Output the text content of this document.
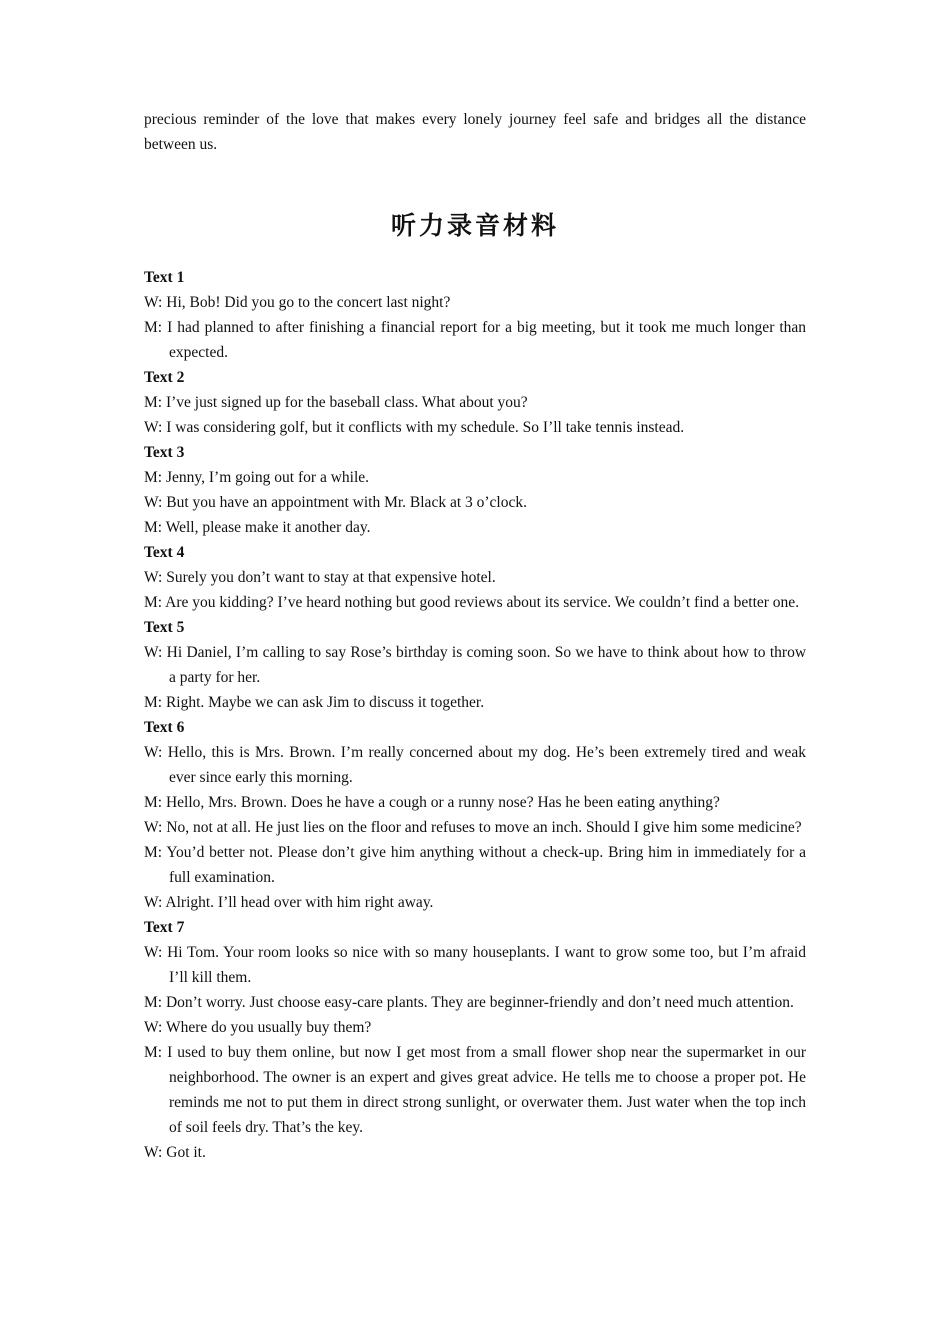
precious reminder of the love that makes every lonely journey feel safe and bridges all the distance between us.

听力录音材料

Text 1

W: Hi, Bob! Did you go to the concert last night?

M: I had planned to after finishing a financial report for a big meeting, but it took me much longer than expected.

Text 2

M: I’ve just signed up for the baseball class. What about you?

W: I was considering golf, but it conflicts with my schedule. So I’ll take tennis instead.

Text 3

M: Jenny, I’m going out for a while.

W: But you have an appointment with Mr. Black at 3 o’clock.

M: Well, please make it another day.

Text 4

W: Surely you don’t want to stay at that expensive hotel.

M: Are you kidding? I’ve heard nothing but good reviews about its service. We couldn’t find a better one.

Text 5

W: Hi Daniel, I’m calling to say Rose’s birthday is coming soon. So we have to think about how to throw a party for her.

M: Right. Maybe we can ask Jim to discuss it together.

Text 6

W: Hello, this is Mrs. Brown. I’m really concerned about my dog. He’s been extremely tired and weak ever since early this morning.

M: Hello, Mrs. Brown. Does he have a cough or a runny nose? Has he been eating anything?

W: No, not at all. He just lies on the floor and refuses to move an inch. Should I give him some medicine?

M: You’d better not. Please don’t give him anything without a check-up. Bring him in immediately for a full examination.

W: Alright. I’ll head over with him right away.

Text 7

W: Hi Tom. Your room looks so nice with so many houseplants. I want to grow some too, but I’m afraid I’ll kill them.

M: Don’t worry. Just choose easy-care plants. They are beginner-friendly and don’t need much attention.

W: Where do you usually buy them?

M: I used to buy them online, but now I get most from a small flower shop near the supermarket in our neighborhood. The owner is an expert and gives great advice. He tells me to choose a proper pot. He reminds me not to put them in direct strong sunlight, or overwater them. Just water when the top inch of soil feels dry. That’s the key.

W: Got it.
